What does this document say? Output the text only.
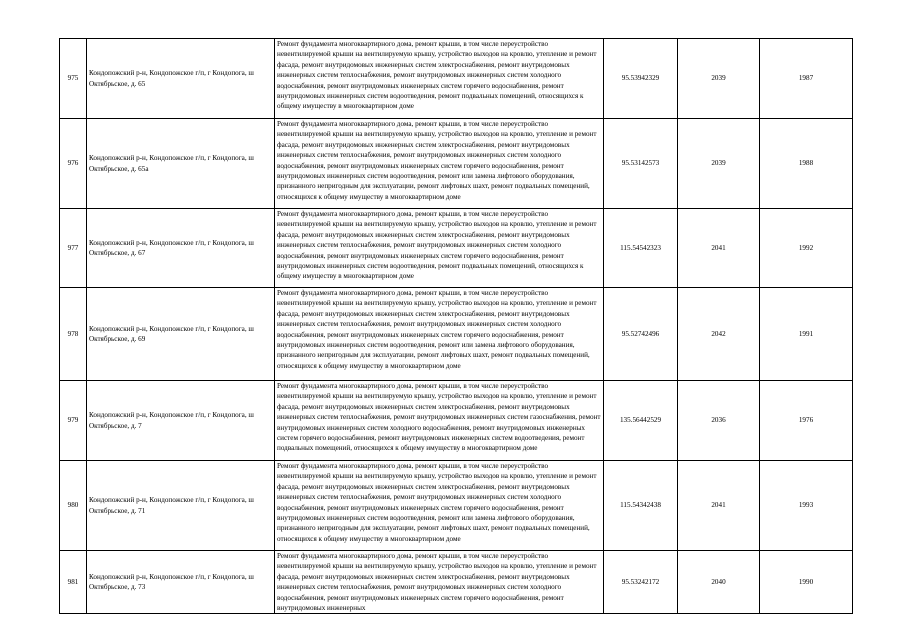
975	Кондопожский р-н, Кондопожское г/п, г Кондопога, ш Октябрьское, д. 65	Ремонт фундамента многоквартирного дома, ремонт крыши, в том числе переустройство невентилируемой крыши на вентилируемую крышу, устройство выходов на кровлю, утепление и ремонт фасада, ремонт внутридомовых инженерных систем электроснабжения, ремонт внутридомовых инженерных систем теплоснабжения, ремонт внутридомовых инженерных систем холодного водоснабжения, ремонт внутридомовых инженерных систем горячего водоснабжения, ремонт внутридомовых инженерных систем водоотведения, ремонт подвальных помещений, относящихся к общему имуществу в многоквартирном доме	95.53942329	2039	1987
976	Кондопожский р-н, Кондопожское г/п, г Кондопога, ш Октябрьское, д. 65а	Ремонт фундамента многоквартирного дома, ремонт крыши, в том числе переустройство невентилируемой крыши на вентилируемую крышу, устройство выходов на кровлю, утепление и ремонт фасада, ремонт внутридомовых инженерных систем электроснабжения, ремонт внутридомовых инженерных систем теплоснабжения, ремонт внутридомовых инженерных систем холодного водоснабжения, ремонт внутридомовых инженерных систем горячего водоснабжения, ремонт внутридомовых инженерных систем водоотведения, ремонт или замена лифтового оборудования, признанного непригодным для эксплуатации, ремонт лифтовых шахт, ремонт подвальных помещений, относящихся к общему имуществу в многоквартирном доме	95.53142573	2039	1988
977	Кондопожский р-н, Кондопожское г/п, г Кондопога, ш Октябрьское, д. 67	Ремонт фундамента многоквартирного дома, ремонт крыши, в том числе переустройство невентилируемой крыши на вентилируемую крышу, устройство выходов на кровлю, утепление и ремонт фасада, ремонт внутридомовых инженерных систем электроснабжения, ремонт внутридомовых инженерных систем теплоснабжения, ремонт внутридомовых инженерных систем холодного водоснабжения, ремонт внутридомовых инженерных систем горячего водоснабжения, ремонт внутридомовых инженерных систем водоотведения, ремонт подвальных помещений, относящихся к общему имуществу в многоквартирном доме	115.54542323	2041	1992
978	Кондопожский р-н, Кондопожское г/п, г Кондопога, ш Октябрьское, д. 69	Ремонт фундамента многоквартирного дома, ремонт крыши, в том числе переустройство невентилируемой крыши на вентилируемую крышу, устройство выходов на кровлю, утепление и ремонт фасада, ремонт внутридомовых инженерных систем электроснабжения, ремонт внутридомовых инженерных систем теплоснабжения, ремонт внутридомовых инженерных систем холодного водоснабжения, ремонт внутридомовых инженерных систем горячего водоснабжения, ремонт внутридомовых инженерных систем водоотведения, ремонт или замена лифтового оборудования, признанного непригодным для эксплуатации, ремонт лифтовых шахт, ремонт подвальных помещений, относящихся к общему имуществу в многоквартирном доме	95.52742496	2042	1991
979	Кондопожский р-н, Кондопожское г/п, г Кондопога, ш Октябрьское, д. 7	Ремонт фундамента многоквартирного дома, ремонт крыши, в том числе переустройство невентилируемой крыши на вентилируемую крышу, устройство выходов на кровлю, утепление и ремонт фасада, ремонт внутридомовых инженерных систем электроснабжения, ремонт внутридомовых инженерных систем теплоснабжения, ремонт внутридомовых инженерных систем газоснабжения, ремонт внутридомовых инженерных систем холодного водоснабжения, ремонт внутридомовых инженерных систем горячего водоснабжения, ремонт внутридомовых инженерных систем водоотведения, ремонт подвальных помещений, относящихся к общему имуществу в многоквартирном доме	135.56442529	2036	1976
980	Кондопожский р-н, Кондопожское г/п, г Кондопога, ш Октябрьское, д. 71	Ремонт фундамента многоквартирного дома, ремонт крыши, в том числе переустройство невентилируемой крыши на вентилируемую крышу, устройство выходов на кровлю, утепление и ремонт фасада, ремонт внутридомовых инженерных систем электроснабжения, ремонт внутридомовых инженерных систем теплоснабжения, ремонт внутридомовых инженерных систем холодного водоснабжения, ремонт внутридомовых инженерных систем горячего водоснабжения, ремонт внутридомовых инженерных систем водоотведения, ремонт или замена лифтового оборудования, признанного непригодным для эксплуатации, ремонт лифтовых шахт, ремонт подвальных помещений, относящихся к общему имуществу в многоквартирном доме	115.54342438	2041	1993
981	Кондопожский р-н, Кондопожское г/п, г Кондопога, ш Октябрьское, д. 73	Ремонт фундамента многоквартирного дома, ремонт крыши, в том числе переустройство невентилируемой крыши на вентилируемую крышу, устройство выходов на кровлю, утепление и ремонт фасада, ремонт внутридомовых инженерных систем электроснабжения, ремонт внутридомовых инженерных систем теплоснабжения, ремонт внутридомовых инженерных систем холодного водоснабжения, ремонт внутридомовых инженерных систем горячего водоснабжения, ремонт внутридомовых инженерных	95.53242172	2040	1990
